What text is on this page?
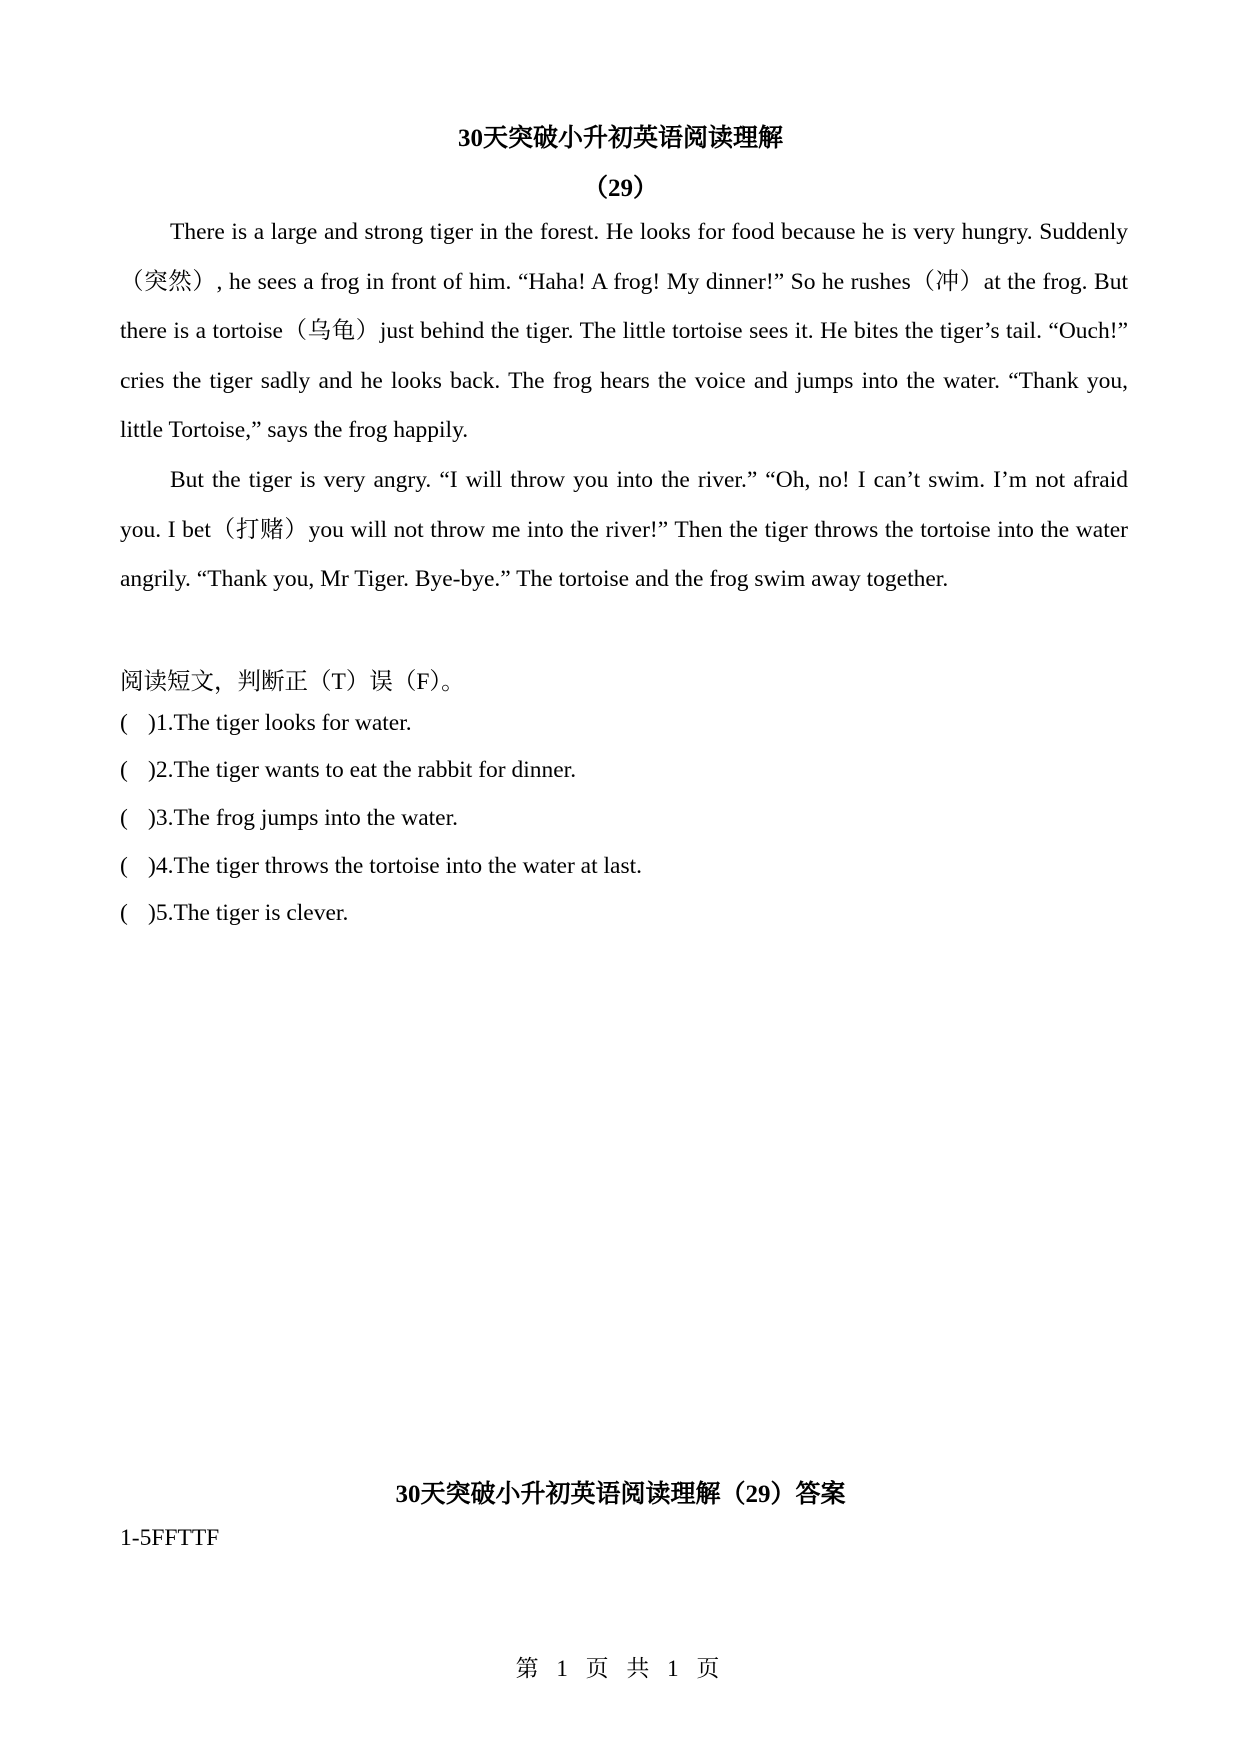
30天突破小升初英语阅读理解
（29）

There is a large and strong tiger in the forest. He looks for food because he is very hungry. Suddenly（突然）, he sees a frog in front of him. “Haha! A frog! My dinner!” So he rushes（冲）at the frog. But there is a tortoise（乌龟）just behind the tiger. The little tortoise sees it. He bites the tiger’s tail. “Ouch!” cries the tiger sadly and he looks back. The frog hears the voice and jumps into the water. “Thank you, little Tortoise,” says the frog happily.

But the tiger is very angry. “I will throw you into the river.” “Oh, no! I can’t swim. I’m not afraid you. I bet（打赌）you will not throw me into the river!” Then the tiger throws the tortoise into the water angrily. “Thank you, Mr Tiger. Bye-bye.” The tortoise and the frog swim away together.

阅读短文，判断正（T）误（F）。
( )1.The tiger looks for water.
( )2.The tiger wants to eat the rabbit for dinner.
( )3.The frog jumps into the water.
( )4.The tiger throws the tortoise into the water at last.
( )5.The tiger is clever.
30天突破小升初英语阅读理解（29）答案
1-5FFTTF
第 1 页 共 1 页
